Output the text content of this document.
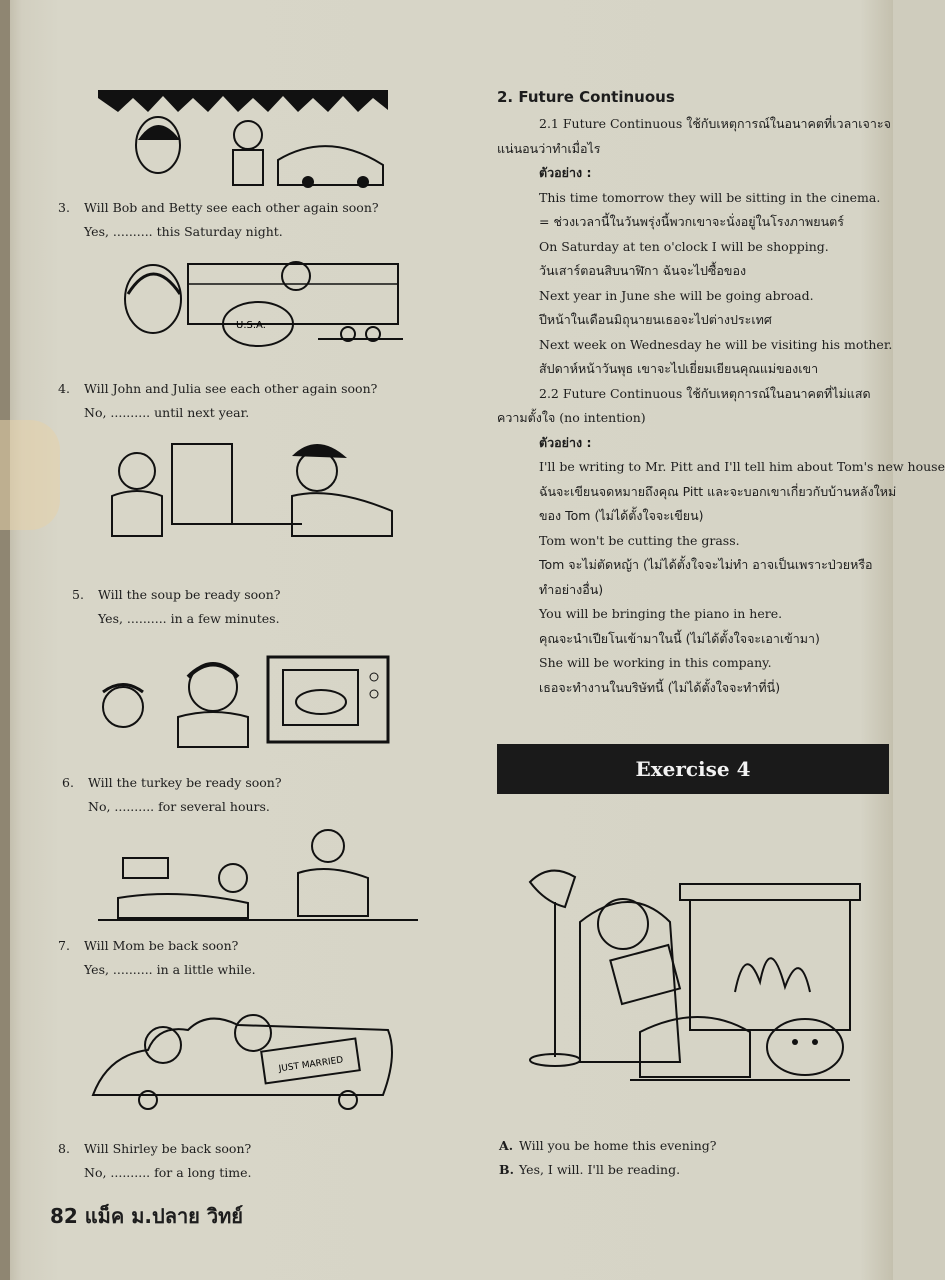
3. Will Bob and Betty see each other again soon?
Yes, .......... this Saturday night.
U.S.A.
4. Will John and Julia see each other again soon?
No, .......... until next year.
5. Will the soup be ready soon?
Yes, .......... in a few minutes.
6. Will the turkey be ready soon?
No, .......... for several hours.
7. Will Mom be back soon?
Yes, .......... in a little while.
JUST MARRIED
8. Will Shirley be back soon?
No, .......... for a long time.
82 แม็ค ม.ปลาย วิทย์
2. Future Continuous
2.1 Future Continuous ใช้กับเหตุการณ์ในอนาคตที่เวลาเจาะจ
แน่นอนว่าทำเมื่อไร
ตัวอย่าง :
This time tomorrow they will be sitting in the cinema.
= ช่วงเวลานี้ในวันพรุ่งนี้พวกเขาจะนั่งอยู่ในโรงภาพยนตร์
On Saturday at ten o'clock I will be shopping.
วันเสาร์ตอนสิบนาฬิกา ฉันจะไปซื้อของ
Next year in June she will be going abroad.
ปีหน้าในเดือนมิถุนายนเธอจะไปต่างประเทศ
Next week on Wednesday he will be visiting his mother.
สัปดาห์หน้าวันพุธ เขาจะไปเยี่ยมเยียนคุณแม่ของเขา
2.2 Future Continuous ใช้กับเหตุการณ์ในอนาคตที่ไม่แสด
ความตั้งใจ (no intention)
ตัวอย่าง :
I'll be writing to Mr. Pitt and I'll tell him about Tom's new house
ฉันจะเขียนจดหมายถึงคุณ Pitt และจะบอกเขาเกี่ยวกับบ้านหลังใหม่
ของ Tom (ไม่ได้ตั้งใจจะเขียน)
Tom won't be cutting the grass.
Tom จะไม่ตัดหญ้า (ไม่ได้ตั้งใจจะไม่ทำ อาจเป็นเพราะป่วยหรือ
ทำอย่างอื่น)
You will be bringing the piano in here.
คุณจะนำเปียโนเข้ามาในนี้ (ไม่ได้ตั้งใจจะเอาเข้ามา)
She will be working in this company.
เธอจะทำงานในบริษัทนี้ (ไม่ได้ตั้งใจจะทำที่นี่)
Exercise 4
A. Will you be home this evening?
B. Yes, I will. I'll be reading.
